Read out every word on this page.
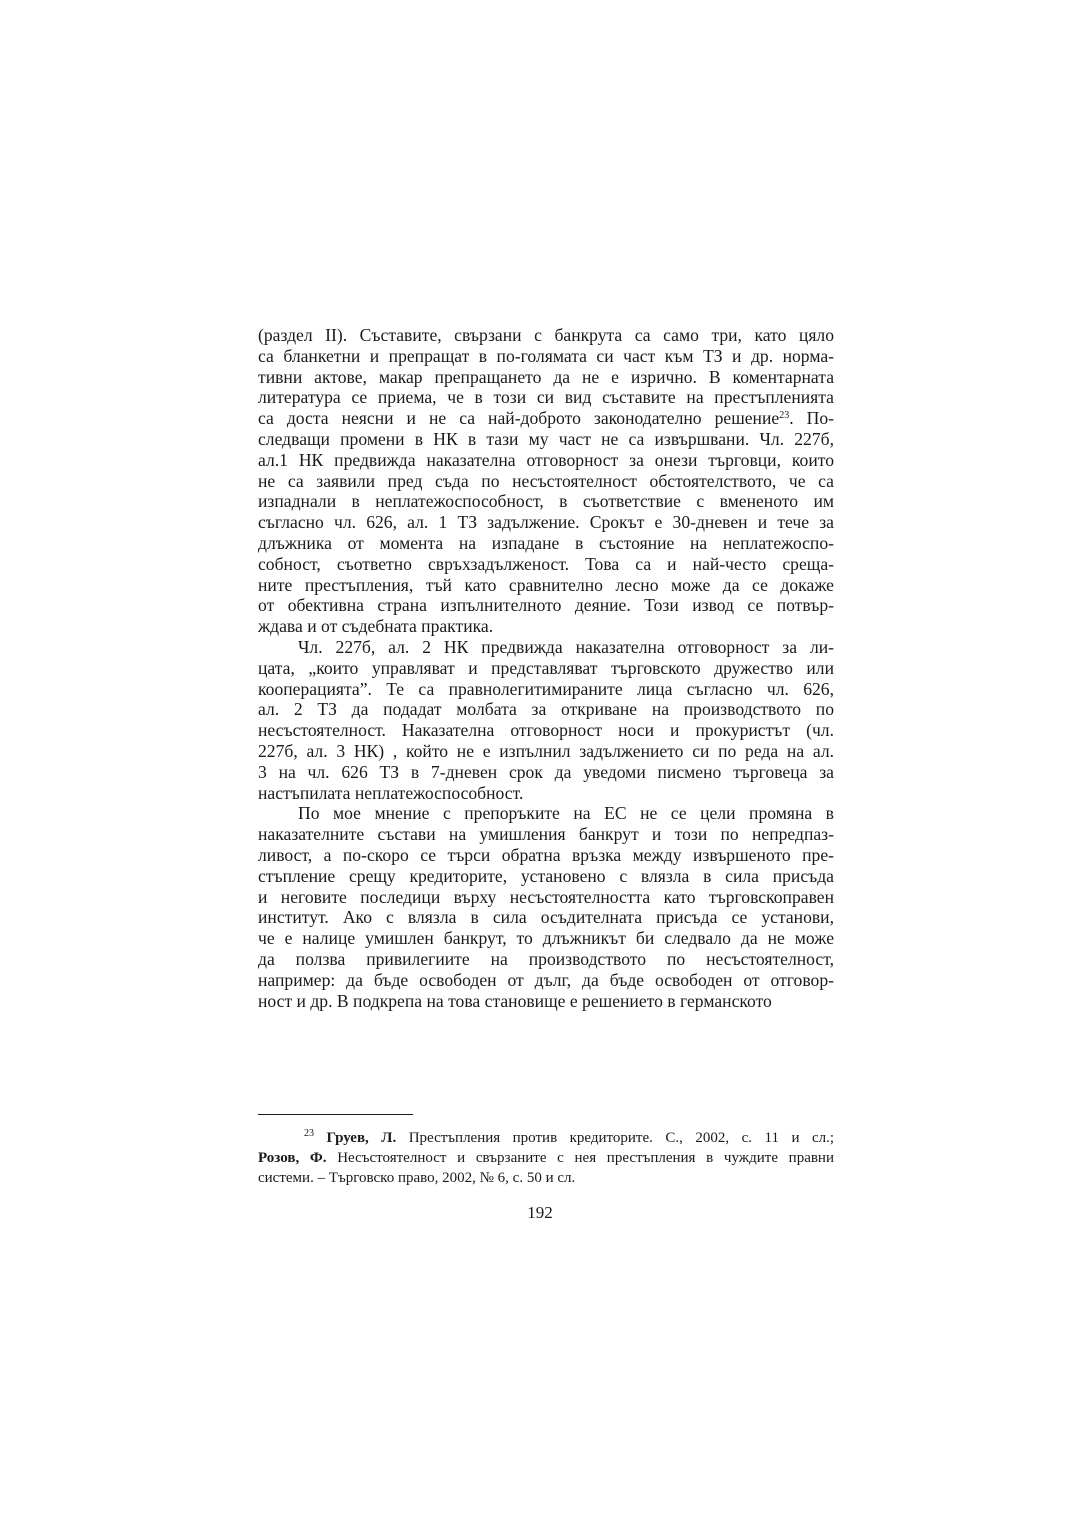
(раздел II). Съставите, свързани с банкрута са само три, като цяло
са бланкетни и препращат в по-голямата си част към ТЗ и др. норма-
тивни актове, макар препращането да не е изрично. В коментарната
литература се приема, че в този си вид съставите на престъпленията
са доста неясни и не са най-доброто законодателно решение$^{23}$. По-
следващи промени в НК в тази му част не са извършвани. Чл. 227б,
ал.1 НК предвижда наказателна отговорност за онези търговци, които
не са заявили пред съда по несъстоятелност обстоятелството, че са
изпаднали в неплатежоспособност, в съответствие с вмененото им
съгласно чл. 626, ал. 1 ТЗ задължение. Срокът е 30-дневен и тече за
длъжника от момента на изпадане в състояние на неплатежоспо-
собност, съответно свръхзадълженост. Това са и най-често срещa-
ните престъпления, тъй като сравнително лесно може да се докаже
от обективна страна изпълнителното деяние. Този извод се потвър-
ждава и от съдебната практика.
Чл. 227б, ал. 2 НК предвижда наказателна отговорност за ли-
цата, „които управляват и представляват търговското дружество или
кооперацията”. Те са правнолегитимираните лица съгласно чл. 626,
ал. 2 ТЗ да подадат молбата за откриване на производството по
несъстоятелност. Наказателна отговорност носи и прокуристът (чл.
227б, ал. 3 НК) , който не е изпълнил задължението си по реда на ал.
3 на чл. 626 ТЗ в 7-дневен срок да уведоми писмено търговеца за
настъпилата неплатежоспособност.
По мое мнение с препоръките на ЕС не се цели промяна в
наказателните състави на умишления банкрут и този по непредпаз-
ливост, а по-скоро се търси обратна връзка между извършеното пре-
стъпление срещу кредиторите, установено с влязла в сила присъда
и неговите последици върху несъстоятелността като търговскоправен
институт. Ако с влязла в сила осъдителната присъда се установи,
че е налице умишлен банкрут, то длъжникът би следвало да не може
да ползва привилегиите на производството по несъстоятелност,
например: да бъде освободен от дълг, да бъде освободен от отговор-
ност и др. В подкрепа на това становище е решението в германското
$^{23}$ Груев, Л. Престъпления против кредиторите. С., 2002, с. 11 и сл.;
Розов, Ф. Несъстоятелност и свързаните с нея престъпления в чуждите правни
системи. – Търговско право, 2002, № 6, с. 50 и сл.
192
